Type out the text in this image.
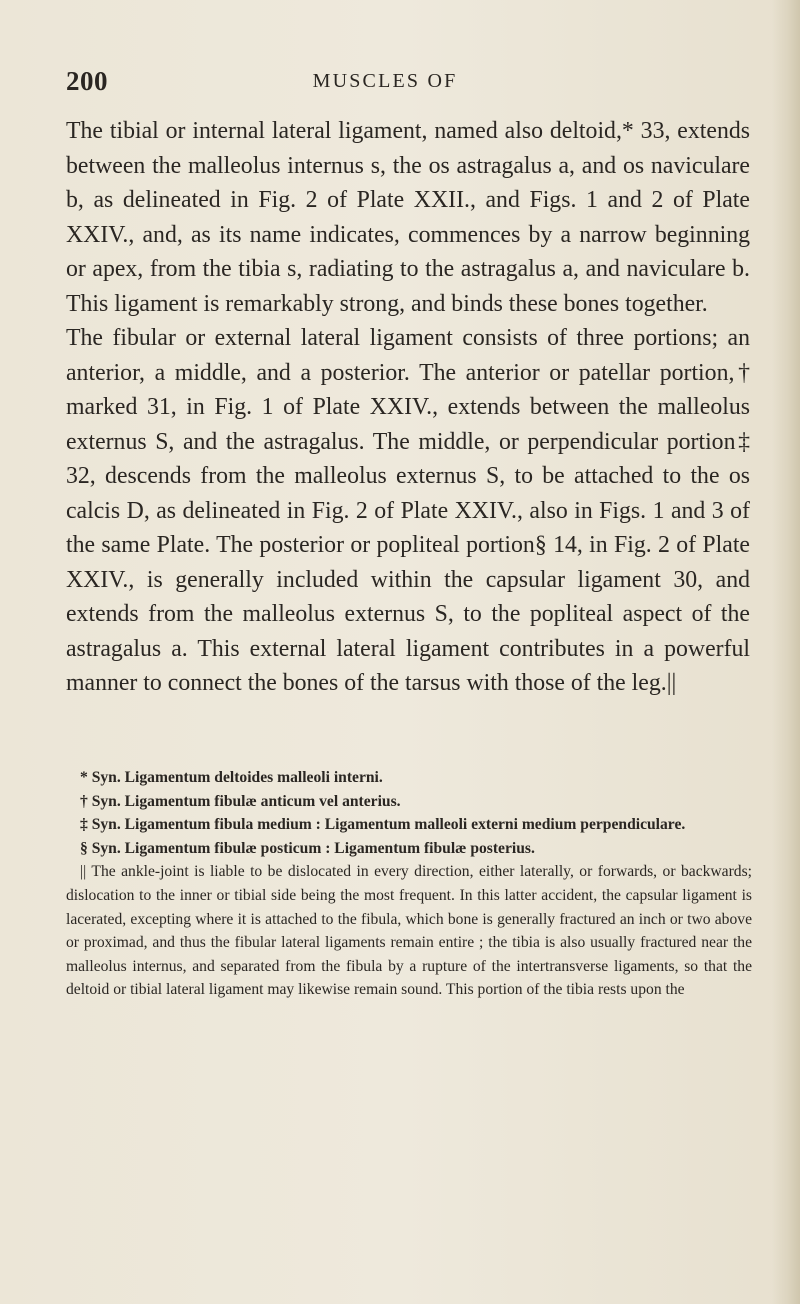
200	MUSCLES OF

The tibial or internal lateral ligament, named also deltoid,* 33, extends between the malleolus internus s, the os astragalus a, and os naviculare b, as delineated in Fig. 2 of Plate XXII., and Figs. 1 and 2 of Plate XXIV., and, as its name indicates, commences by a narrow beginning or apex, from the tibia s, radiating to the astragalus a, and naviculare b. This ligament is remarkably strong, and binds these bones together.

The fibular or external lateral ligament consists of three portions; an anterior, a middle, and a posterior. The anterior or patellar portion,† marked 31, in Fig. 1 of Plate XXIV., extends between the malleolus externus S, and the astragalus. The middle, or perpendicular portion‡ 32, descends from the malleolus externus S, to be attached to the os calcis D, as delineated in Fig. 2 of Plate XXIV., also in Figs. 1 and 3 of the same Plate. The posterior or popliteal portion§ 14, in Fig. 2 of Plate XXIV., is generally included within the capsular ligament 30, and extends from the malleolus externus S, to the popliteal aspect of the astragalus a. This external lateral ligament contributes in a powerful manner to connect the bones of the tarsus with those of the leg.||

* Syn. Ligamentum deltoides malleoli interni.

† Syn. Ligamentum fibulæ anticum vel anterius.

‡ Syn. Ligamentum fibula medium : Ligamentum malleoli externi medium perpendiculare.

§ Syn. Ligamentum fibulæ posticum : Ligamentum fibulæ posterius.

|| The ankle-joint is liable to be dislocated in every direction, either laterally, or forwards, or backwards; dislocation to the inner or tibial side being the most frequent. In this latter accident, the capsular ligament is lacerated, excepting where it is attached to the fibula, which bone is generally fractured an inch or two above or proximad, and thus the fibular lateral ligaments remain entire ; the tibia is also usually fractured near the malleolus internus, and separated from the fibula by a rupture of the intertransverse ligaments, so that the deltoid or tibial lateral ligament may likewise remain sound. This portion of the tibia rests upon the
